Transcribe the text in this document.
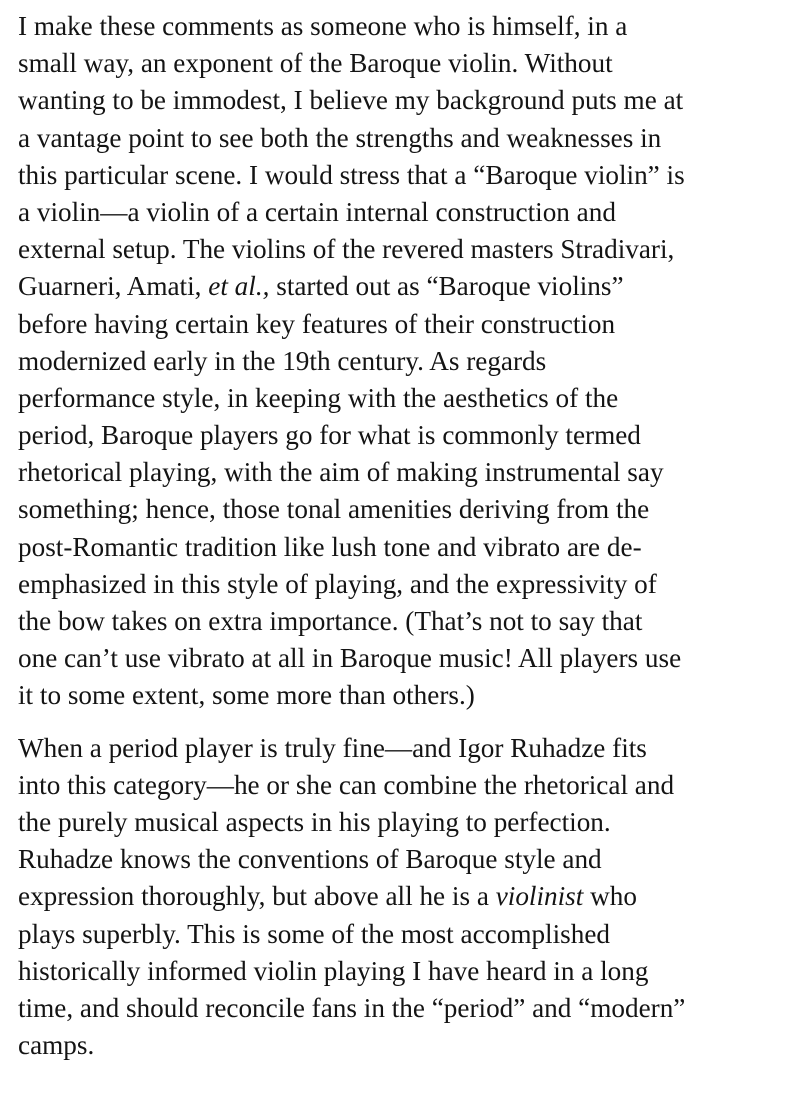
I make these comments as someone who is himself, in a
small way, an exponent of the Baroque violin. Without
wanting to be immodest, I believe my background puts me at
a vantage point to see both the strengths and weaknesses in
this particular scene. I would stress that a “Baroque violin” is
a violin—a violin of a certain internal construction and
external setup. The violins of the revered masters Stradivari,
Guarneri, Amati, et al., started out as “Baroque violins”
before having certain key features of their construction
modernized early in the 19th century. As regards
performance style, in keeping with the aesthetics of the
period, Baroque players go for what is commonly termed
rhetorical playing, with the aim of making instrumental say
something; hence, those tonal amenities deriving from the
post-Romantic tradition like lush tone and vibrato are de-
emphasized in this style of playing, and the expressivity of
the bow takes on extra importance. (That’s not to say that
one can’t use vibrato at all in Baroque music! All players use
it to some extent, some more than others.)

When a period player is truly fine—and Igor Ruhadze fits
into this category—he or she can combine the rhetorical and
the purely musical aspects in his playing to perfection.
Ruhadze knows the conventions of Baroque style and
expression thoroughly, but above all he is a violinist who
plays superbly. This is some of the most accomplished
historically informed violin playing I have heard in a long
time, and should reconcile fans in the “period” and “modern”
camps.
